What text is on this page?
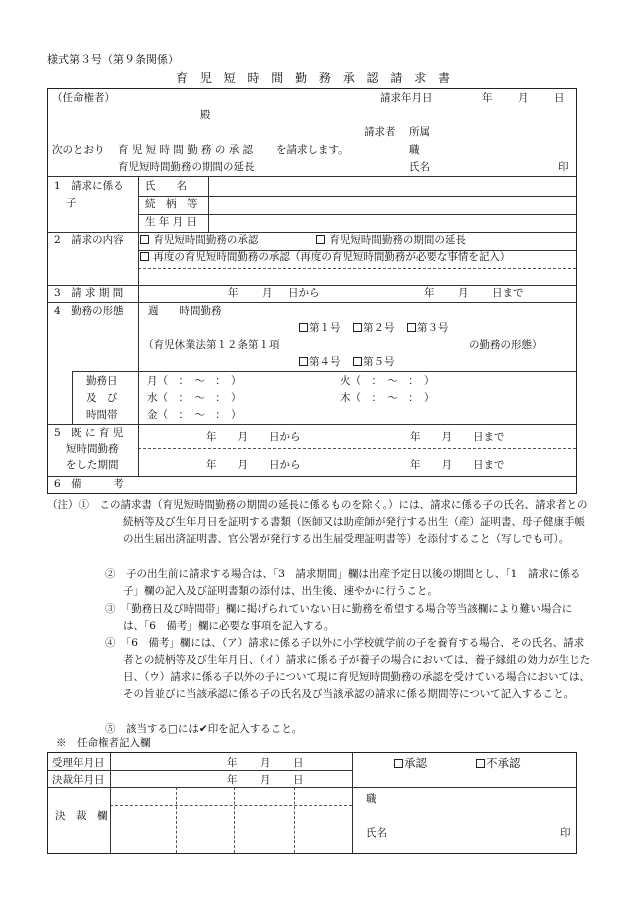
様式第３号（第９条関係）
育 児 短 時 間 勤 務 承 認 請 求 書
（任命権者）
殿
請求年月日	年 月 日
請求者 所属
職
氏名	印
次のとおり 育 児 短 時 間 勤 務 の 承 認 を請求します。
育児短時間勤務の期間の延長
1　請求に係る
子
氏　　名
続　柄　等
生 年 月 日
2　請求の内容	育児短時間勤務の承認	育児短時間勤務の期間の延長
再度の育児短時間勤務の承認（再度の育児短時間勤務が必要な事情を記入）
3　請 求 期 間	年 月 日から	年 月 日まで
4　勤務の形態 週　　時間勤務
第１号	第２号	第３号
（育児休業法第１２条第１項	の勤務の形態）
第４号	第５号
勤務日
及　び
時間帯
月（　：　〜　：　）	火（　：　〜　：　）
水（　：　〜　：　）	木（　：　〜　：　）
金（　：　〜　：　）
5　既 に 育 児
短時間勤務
をした期間
年　　月　　日から	年　　月　　日まで
年　　月　　日から	年　　月　　日まで
6　備　　　考

（注）①　 この請求書（育児短時間勤務の期間の延長に係るものを除く。）には、請求に係る子の氏名、請求者との続柄等及び生年月日を証明する書類（医師又は助産師が発行する出生（産）証明書、母子健康手帳の出生届出済証明書、官公署が発行する出生届受理証明書等）を添付すること（写しでも可）。

②　 子の出生前に請求する場合は、「3　請求期間」欄は出産予定日以後の期間とし、「1　請求に係る子」欄の記入及び証明書類の添付は、出生後、速やかに行うこと。

③　 「勤務日及び時間帯」欄に掲げられていない日に勤務を希望する場合等当該欄により難い場合には、「6　備考」欄に必要な事項を記入する。

④　 「6　備考」欄には、（ア）請求に係る子以外に小学校就学前の子を養育する場合、その氏名、請求者との続柄等及び生年月日、（イ）請求に係る子が養子の場合においては、養子縁組の効力が生じた日、（ウ）請求に係る子以外の子について現に育児短時間勤務の承認を受けている場合においては、その旨並びに当該承認に係る子の氏名及び当該承認の請求に係る期間等について記入すること。

⑤　 該当する□には✔印を記入すること。

※　任命権者記入欄
受理年月日	年 月 日
決裁年月日	年 月 日
決　裁　欄
承認	不承認
職
氏名	印
